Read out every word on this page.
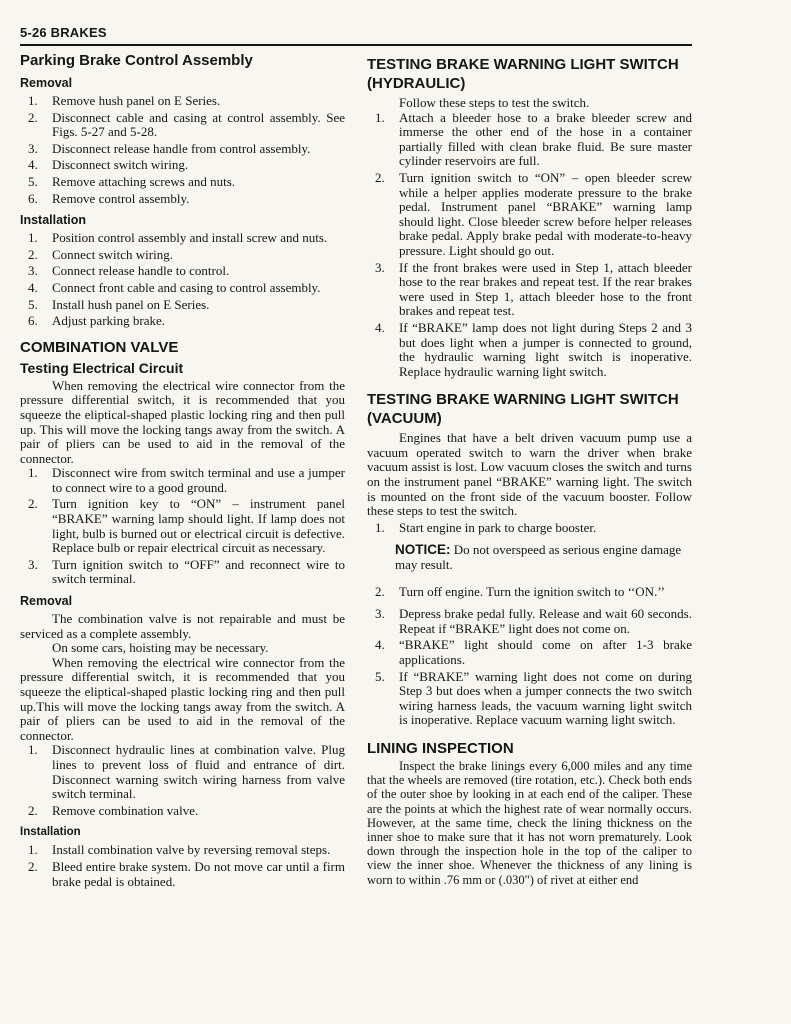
5-26 BRAKES
Parking Brake Control Assembly
Removal
1. Remove hush panel on E Series.
2. Disconnect cable and casing at control assembly. See Figs. 5-27 and 5-28.
3. Disconnect release handle from control assembly.
4. Disconnect switch wiring.
5. Remove attaching screws and nuts.
6. Remove control assembly.
Installation
1. Position control assembly and install screw and nuts.
2. Connect switch wiring.
3. Connect release handle to control.
4. Connect front cable and casing to control assembly.
5. Install hush panel on E Series.
6. Adjust parking brake.
COMBINATION VALVE
Testing Electrical Circuit

When removing the electrical wire connector from the pressure differential switch, it is recommended that you squeeze the eliptical-shaped plastic locking ring and then pull up. This will move the locking tangs away from the switch. A pair of pliers can be used to aid in the removal of the connector.

1. Disconnect wire from switch terminal and use a jumper to connect wire to a good ground.
2. Turn ignition key to “ON” – instrument panel “BRAKE” warning lamp should light. If lamp does not light, bulb is burned out or electrical circuit is defective. Replace bulb or repair electrical circuit as necessary.
3. Turn ignition switch to “OFF” and reconnect wire to switch terminal.
Removal

The combination valve is not repairable and must be serviced as a complete assembly.

On some cars, hoisting may be necessary.

When removing the electrical wire connector from the pressure differential switch, it is recommended that you squeeze the eliptical-shaped plastic locking ring and then pull up.This will move the locking tangs away from the switch. A pair of pliers can be used to aid in the removal of the connector.

1. Disconnect hydraulic lines at combination valve. Plug lines to prevent loss of fluid and entrance of dirt. Disconnect warning switch wiring harness from valve switch terminal.
2. Remove combination valve.
Installation
1. Install combination valve by reversing removal steps.
2. Bleed entire brake system. Do not move car until a firm brake pedal is obtained.
TESTING BRAKE WARNING LIGHT SWITCH
(HYDRAULIC)

Follow these steps to test the switch.

1. Attach a bleeder hose to a brake bleeder screw and immerse the other end of the hose in a container partially filled with clean brake fluid. Be sure master cylinder reservoirs are full.
2. Turn ignition switch to “ON” – open bleeder screw while a helper applies moderate pressure to the brake pedal. Instrument panel “BRAKE” warning lamp should light. Close bleeder screw before helper releases brake pedal. Apply brake pedal with moderate-to-heavy pressure. Light should go out.
3. If the front brakes were used in Step 1, attach bleeder hose to the rear brakes and repeat test. If the rear brakes were used in Step 1, attach bleeder hose to the front brakes and repeat test.
4. If “BRAKE” lamp does not light during Steps 2 and 3 but does light when a jumper is connected to ground, the hydraulic warning light switch is inoperative. Replace hydraulic warning light switch.
TESTING BRAKE WARNING LIGHT SWITCH
(VACUUM)

Engines that have a belt driven vacuum pump use a vacuum operated switch to warn the driver when brake vacuum assist is lost. Low vacuum closes the switch and turns on the instrument panel “BRAKE” warning light. The switch is mounted on the front side of the vacuum booster. Follow these steps to test the switch.

1. Start engine in park to charge booster.
NOTICE: Do not overspeed as serious engine damage may result.
2. Turn off engine. Turn the ignition switch to ‘‘ON.’’
3. Depress brake pedal fully. Release and wait 60 seconds. Repeat if “BRAKE” light does not come on.
4. “BRAKE” light should come on after 1-3 brake applications.
5. If “BRAKE” warning light does not come on during Step 3 but does when a jumper connects the two switch wiring harness leads, the vacuum warning light switch is inoperative. Replace vacuum warning light switch.
LINING INSPECTION

Inspect the brake linings every 6,000 miles and any time that the wheels are removed (tire rotation, etc.). Check both ends of the outer shoe by looking in at each end of the caliper. These are the points at which the highest rate of wear normally occurs. However, at the same time, check the lining thickness on the inner shoe to make sure that it has not worn prematurely. Look down through the inspection hole in the top of the caliper to view the inner shoe. Whenever the thickness of any lining is worn to within .76 mm or (.030") of rivet at either end
